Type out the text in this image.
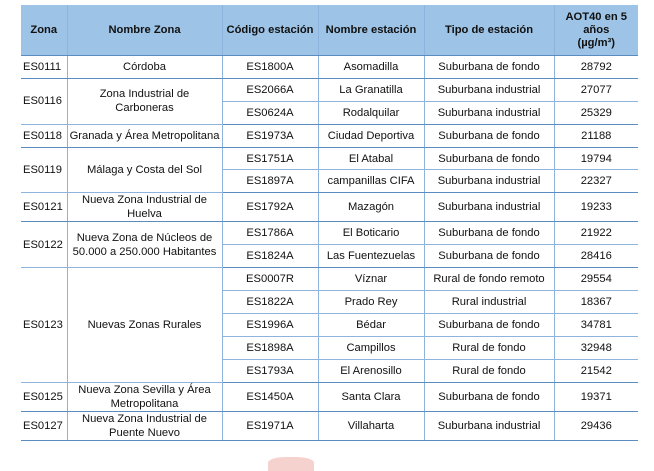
Zona	Nombre Zona	Código estación	Nombre estación	Tipo de estación	AOT40 en 5 años
(µg/m³)
ES0111	Córdoba	ES1800A	Asomadilla	Suburbana de fondo	28792
ES0116	Zona Industrial de Carboneras	ES2066A	La Granatilla	Suburbana industrial	27077
		ES0624A	Rodalquilar	Suburbana industrial	25329
ES0118	Granada y Área Metropolitana	ES1973A	Ciudad Deportiva	Suburbana de fondo	21188
ES0119	Málaga y Costa del Sol	ES1751A	El Atabal	Suburbana de fondo	19794
		ES1897A	campanillas CIFA	Suburbana industrial	22327
ES0121	Nueva Zona Industrial de Huelva	ES1792A	Mazagón	Suburbana industrial	19233
ES0122	Nueva Zona de Núcleos de 50.000 a 250.000 Habitantes	ES1786A	El Boticario	Suburbana de fondo	21922
		ES1824A	Las Fuentezuelas	Suburbana de fondo	28416
ES0123	Nuevas Zonas Rurales	ES0007R	Víznar	Rural de fondo remoto	29554
		ES1822A	Prado Rey	Rural industrial	18367
		ES1996A	Bédar	Suburbana de fondo	34781
		ES1898A	Campillos	Rural de fondo	32948
		ES1793A	El Arenosillo	Rural de fondo	21542
ES0125	Nueva Zona Sevilla y Área Metropolitana	ES1450A	Santa Clara	Suburbana de fondo	19371
ES0127	Nueva Zona Industrial de Puente Nuevo	ES1971A	Villaharta	Suburbana industrial	29436
